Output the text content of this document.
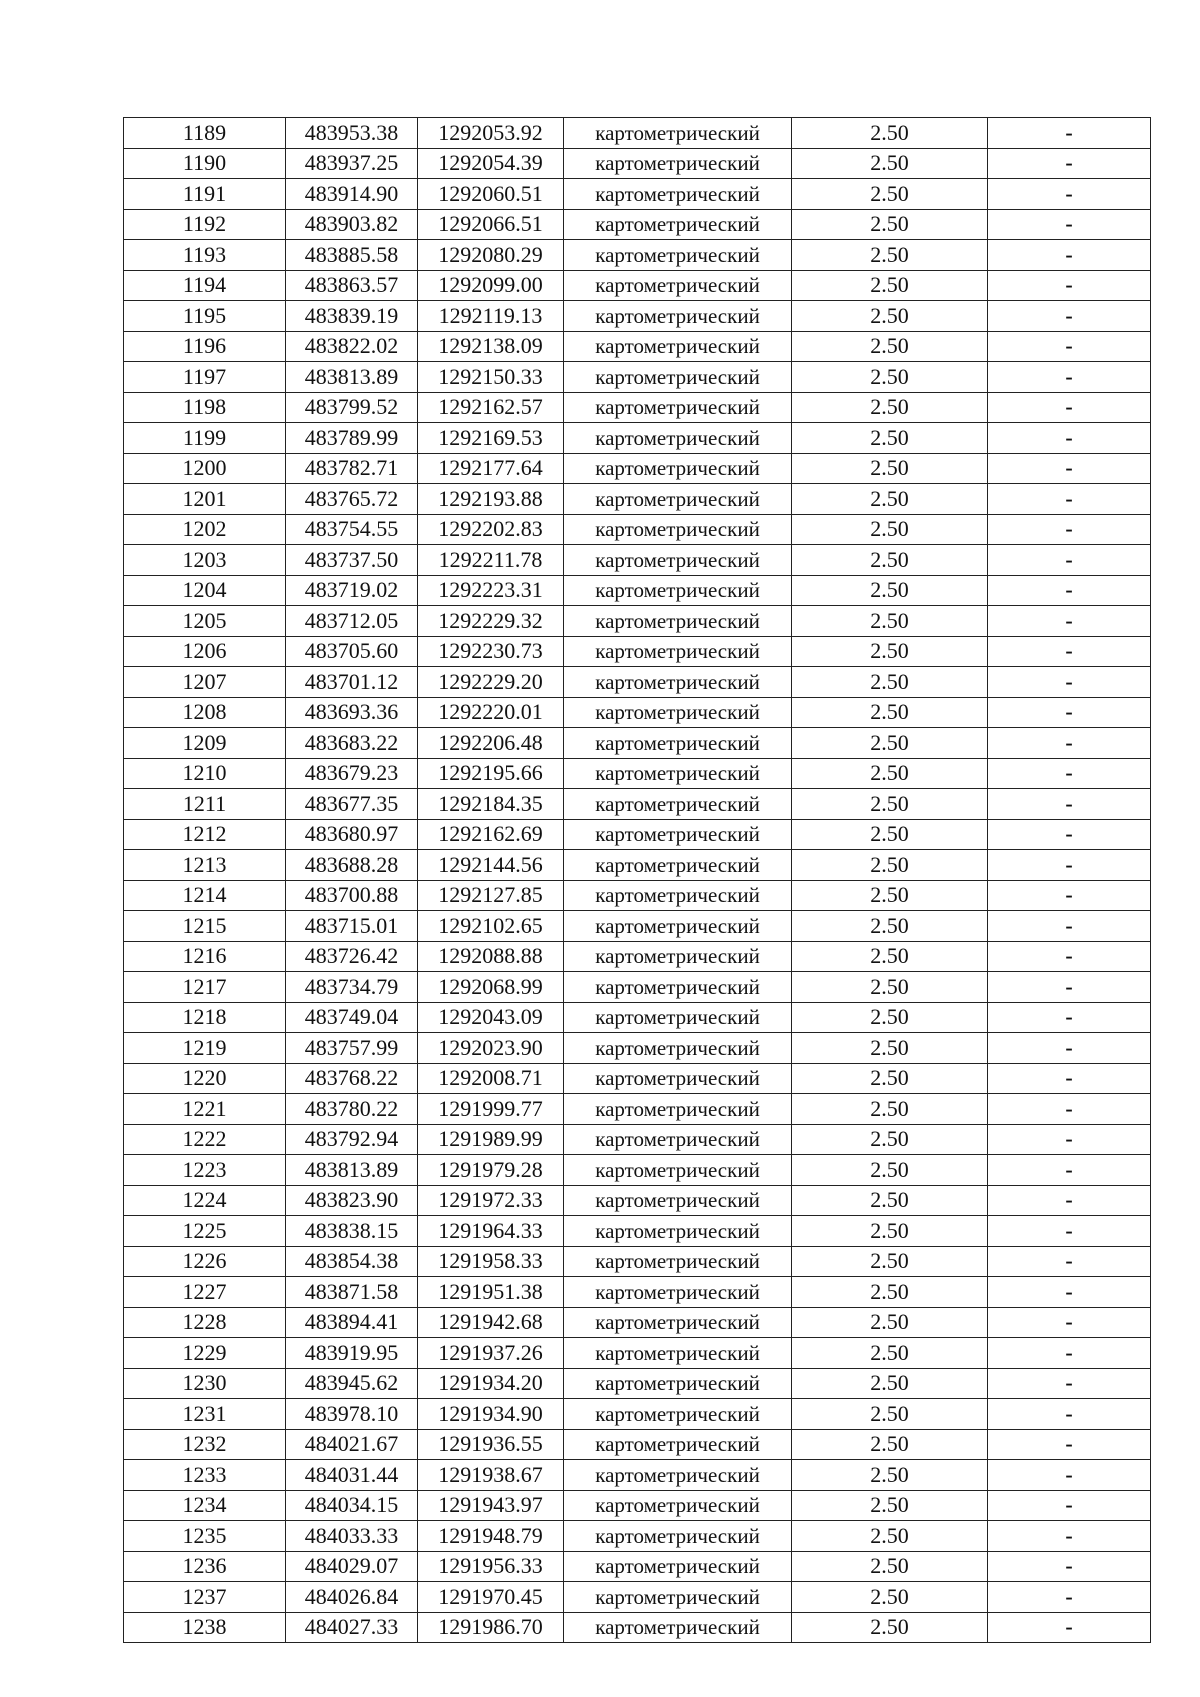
1189	483953.38	1292053.92	картометрический	2.50	-
1190	483937.25	1292054.39	картометрический	2.50	-
1191	483914.90	1292060.51	картометрический	2.50	-
1192	483903.82	1292066.51	картометрический	2.50	-
1193	483885.58	1292080.29	картометрический	2.50	-
1194	483863.57	1292099.00	картометрический	2.50	-
1195	483839.19	1292119.13	картометрический	2.50	-
1196	483822.02	1292138.09	картометрический	2.50	-
1197	483813.89	1292150.33	картометрический	2.50	-
1198	483799.52	1292162.57	картометрический	2.50	-
1199	483789.99	1292169.53	картометрический	2.50	-
1200	483782.71	1292177.64	картометрический	2.50	-
1201	483765.72	1292193.88	картометрический	2.50	-
1202	483754.55	1292202.83	картометрический	2.50	-
1203	483737.50	1292211.78	картометрический	2.50	-
1204	483719.02	1292223.31	картометрический	2.50	-
1205	483712.05	1292229.32	картометрический	2.50	-
1206	483705.60	1292230.73	картометрический	2.50	-
1207	483701.12	1292229.20	картометрический	2.50	-
1208	483693.36	1292220.01	картометрический	2.50	-
1209	483683.22	1292206.48	картометрический	2.50	-
1210	483679.23	1292195.66	картометрический	2.50	-
1211	483677.35	1292184.35	картометрический	2.50	-
1212	483680.97	1292162.69	картометрический	2.50	-
1213	483688.28	1292144.56	картометрический	2.50	-
1214	483700.88	1292127.85	картометрический	2.50	-
1215	483715.01	1292102.65	картометрический	2.50	-
1216	483726.42	1292088.88	картометрический	2.50	-
1217	483734.79	1292068.99	картометрический	2.50	-
1218	483749.04	1292043.09	картометрический	2.50	-
1219	483757.99	1292023.90	картометрический	2.50	-
1220	483768.22	1292008.71	картометрический	2.50	-
1221	483780.22	1291999.77	картометрический	2.50	-
1222	483792.94	1291989.99	картометрический	2.50	-
1223	483813.89	1291979.28	картометрический	2.50	-
1224	483823.90	1291972.33	картометрический	2.50	-
1225	483838.15	1291964.33	картометрический	2.50	-
1226	483854.38	1291958.33	картометрический	2.50	-
1227	483871.58	1291951.38	картометрический	2.50	-
1228	483894.41	1291942.68	картометрический	2.50	-
1229	483919.95	1291937.26	картометрический	2.50	-
1230	483945.62	1291934.20	картометрический	2.50	-
1231	483978.10	1291934.90	картометрический	2.50	-
1232	484021.67	1291936.55	картометрический	2.50	-
1233	484031.44	1291938.67	картометрический	2.50	-
1234	484034.15	1291943.97	картометрический	2.50	-
1235	484033.33	1291948.79	картометрический	2.50	-
1236	484029.07	1291956.33	картометрический	2.50	-
1237	484026.84	1291970.45	картометрический	2.50	-
1238	484027.33	1291986.70	картометрический	2.50	-
